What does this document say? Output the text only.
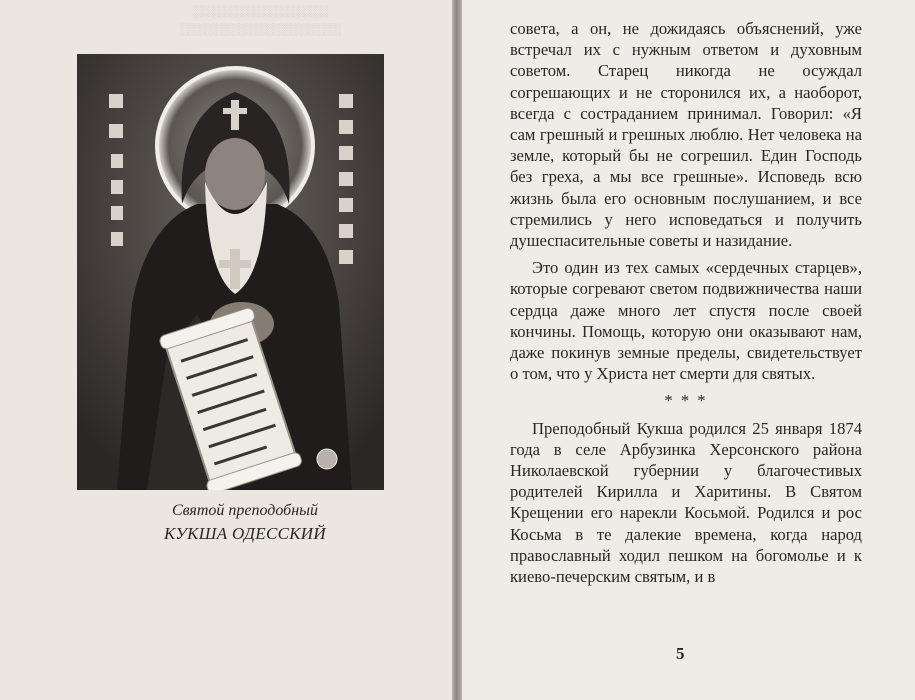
░░░░░░░░░░░░░░░░
░░░░░░░░░░░░░░░░░░░
Святой преподобный
КУКША ОДЕССКИЙ

совета, а он, не дожидаясь объяснений, уже встречал их с нужным ответом и духовным советом. Старец никогда не осуждал согрешающих и не сторонился их, а наоборот, всегда с состраданием принимал. Говорил: «Я сам грешный и грешных люблю. Нет человека на земле, который бы не согрешил. Един Господь без греха, а мы все грешные». Исповедь всю жизнь была его основным послушанием, и все стремились у него исповедаться и получить душеспасительные советы и назидание.

Это один из тех самых «сердечных старцев», которые согревают светом подвижничества наши сердца даже много лет спустя после своей кончины. Помощь, которую они оказывают нам, даже покинув земные пределы, свидетельствует о том, что у Христа нет смерти для святых.

* * *

Преподобный Кукша родился 25 января 1874 года в селе Арбузинка Херсонского района Николаевской губернии у благочестивых родителей Кирилла и Харитины. В Святом Крещении его нарекли Косьмой. Родился и рос Косьма в те далекие времена, когда народ православный ходил пешком на богомолье и к киево-печерским святым, и в

5
